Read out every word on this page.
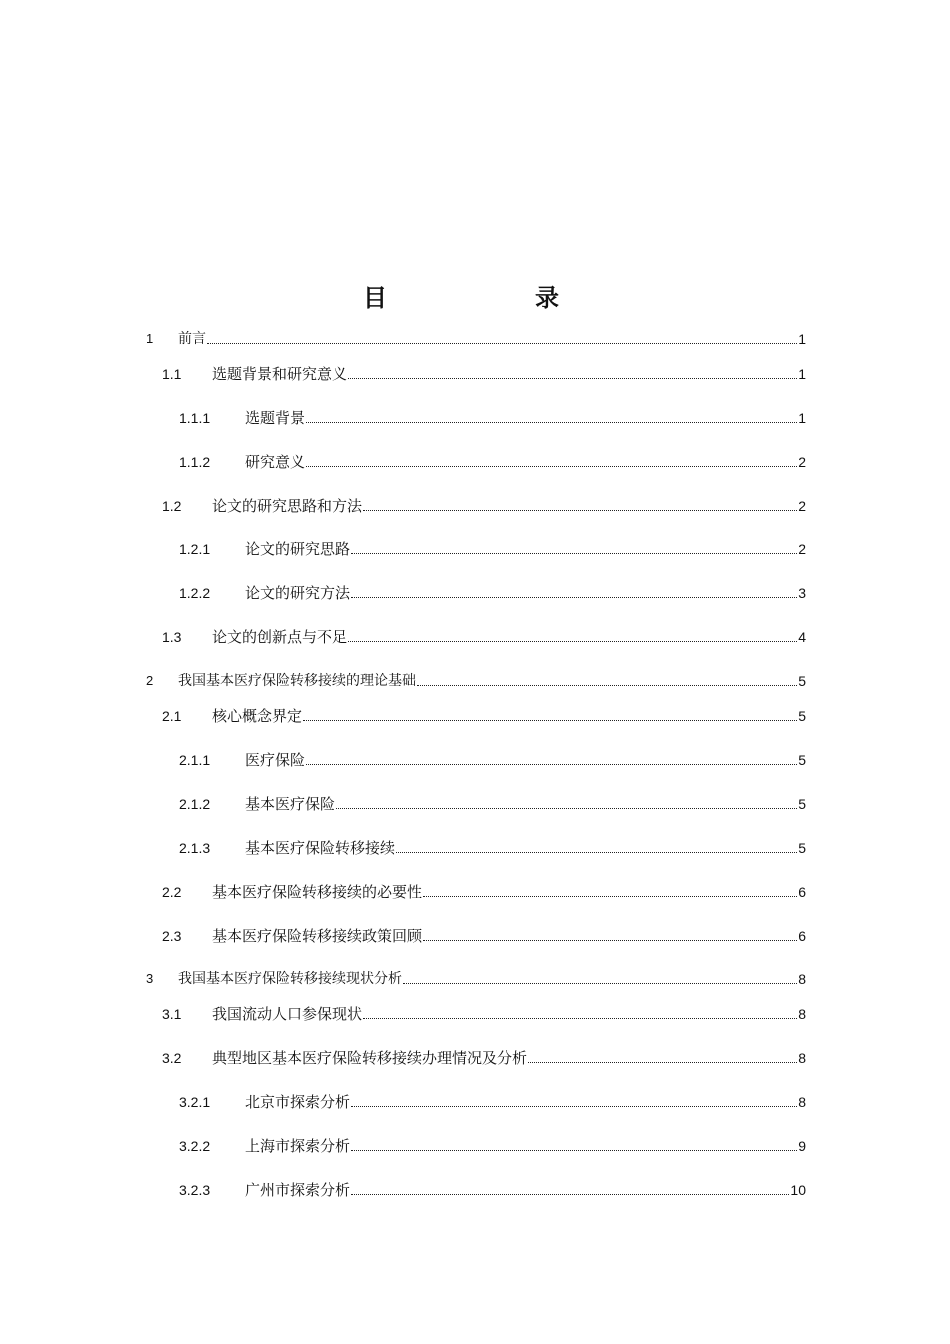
目　录
1	前言	1
1.1	选题背景和研究意义	1
1.1.1	选题背景	1
1.1.2	研究意义	2
1.2	论文的研究思路和方法	2
1.2.1	论文的研究思路	2
1.2.2	论文的研究方法	3
1.3	论文的创新点与不足	4
2	我国基本医疗保险转移接续的理论基础	5
2.1	核心概念界定	5
2.1.1	医疗保险	5
2.1.2	基本医疗保险	5
2.1.3	基本医疗保险转移接续	5
2.2	基本医疗保险转移接续的必要性	6
2.3	基本医疗保险转移接续政策回顾	6
3	我国基本医疗保险转移接续现状分析	8
3.1	我国流动人口参保现状	8
3.2	典型地区基本医疗保险转移接续办理情况及分析	8
3.2.1	北京市探索分析	8
3.2.2	上海市探索分析	9
3.2.3	广州市探索分析	10
